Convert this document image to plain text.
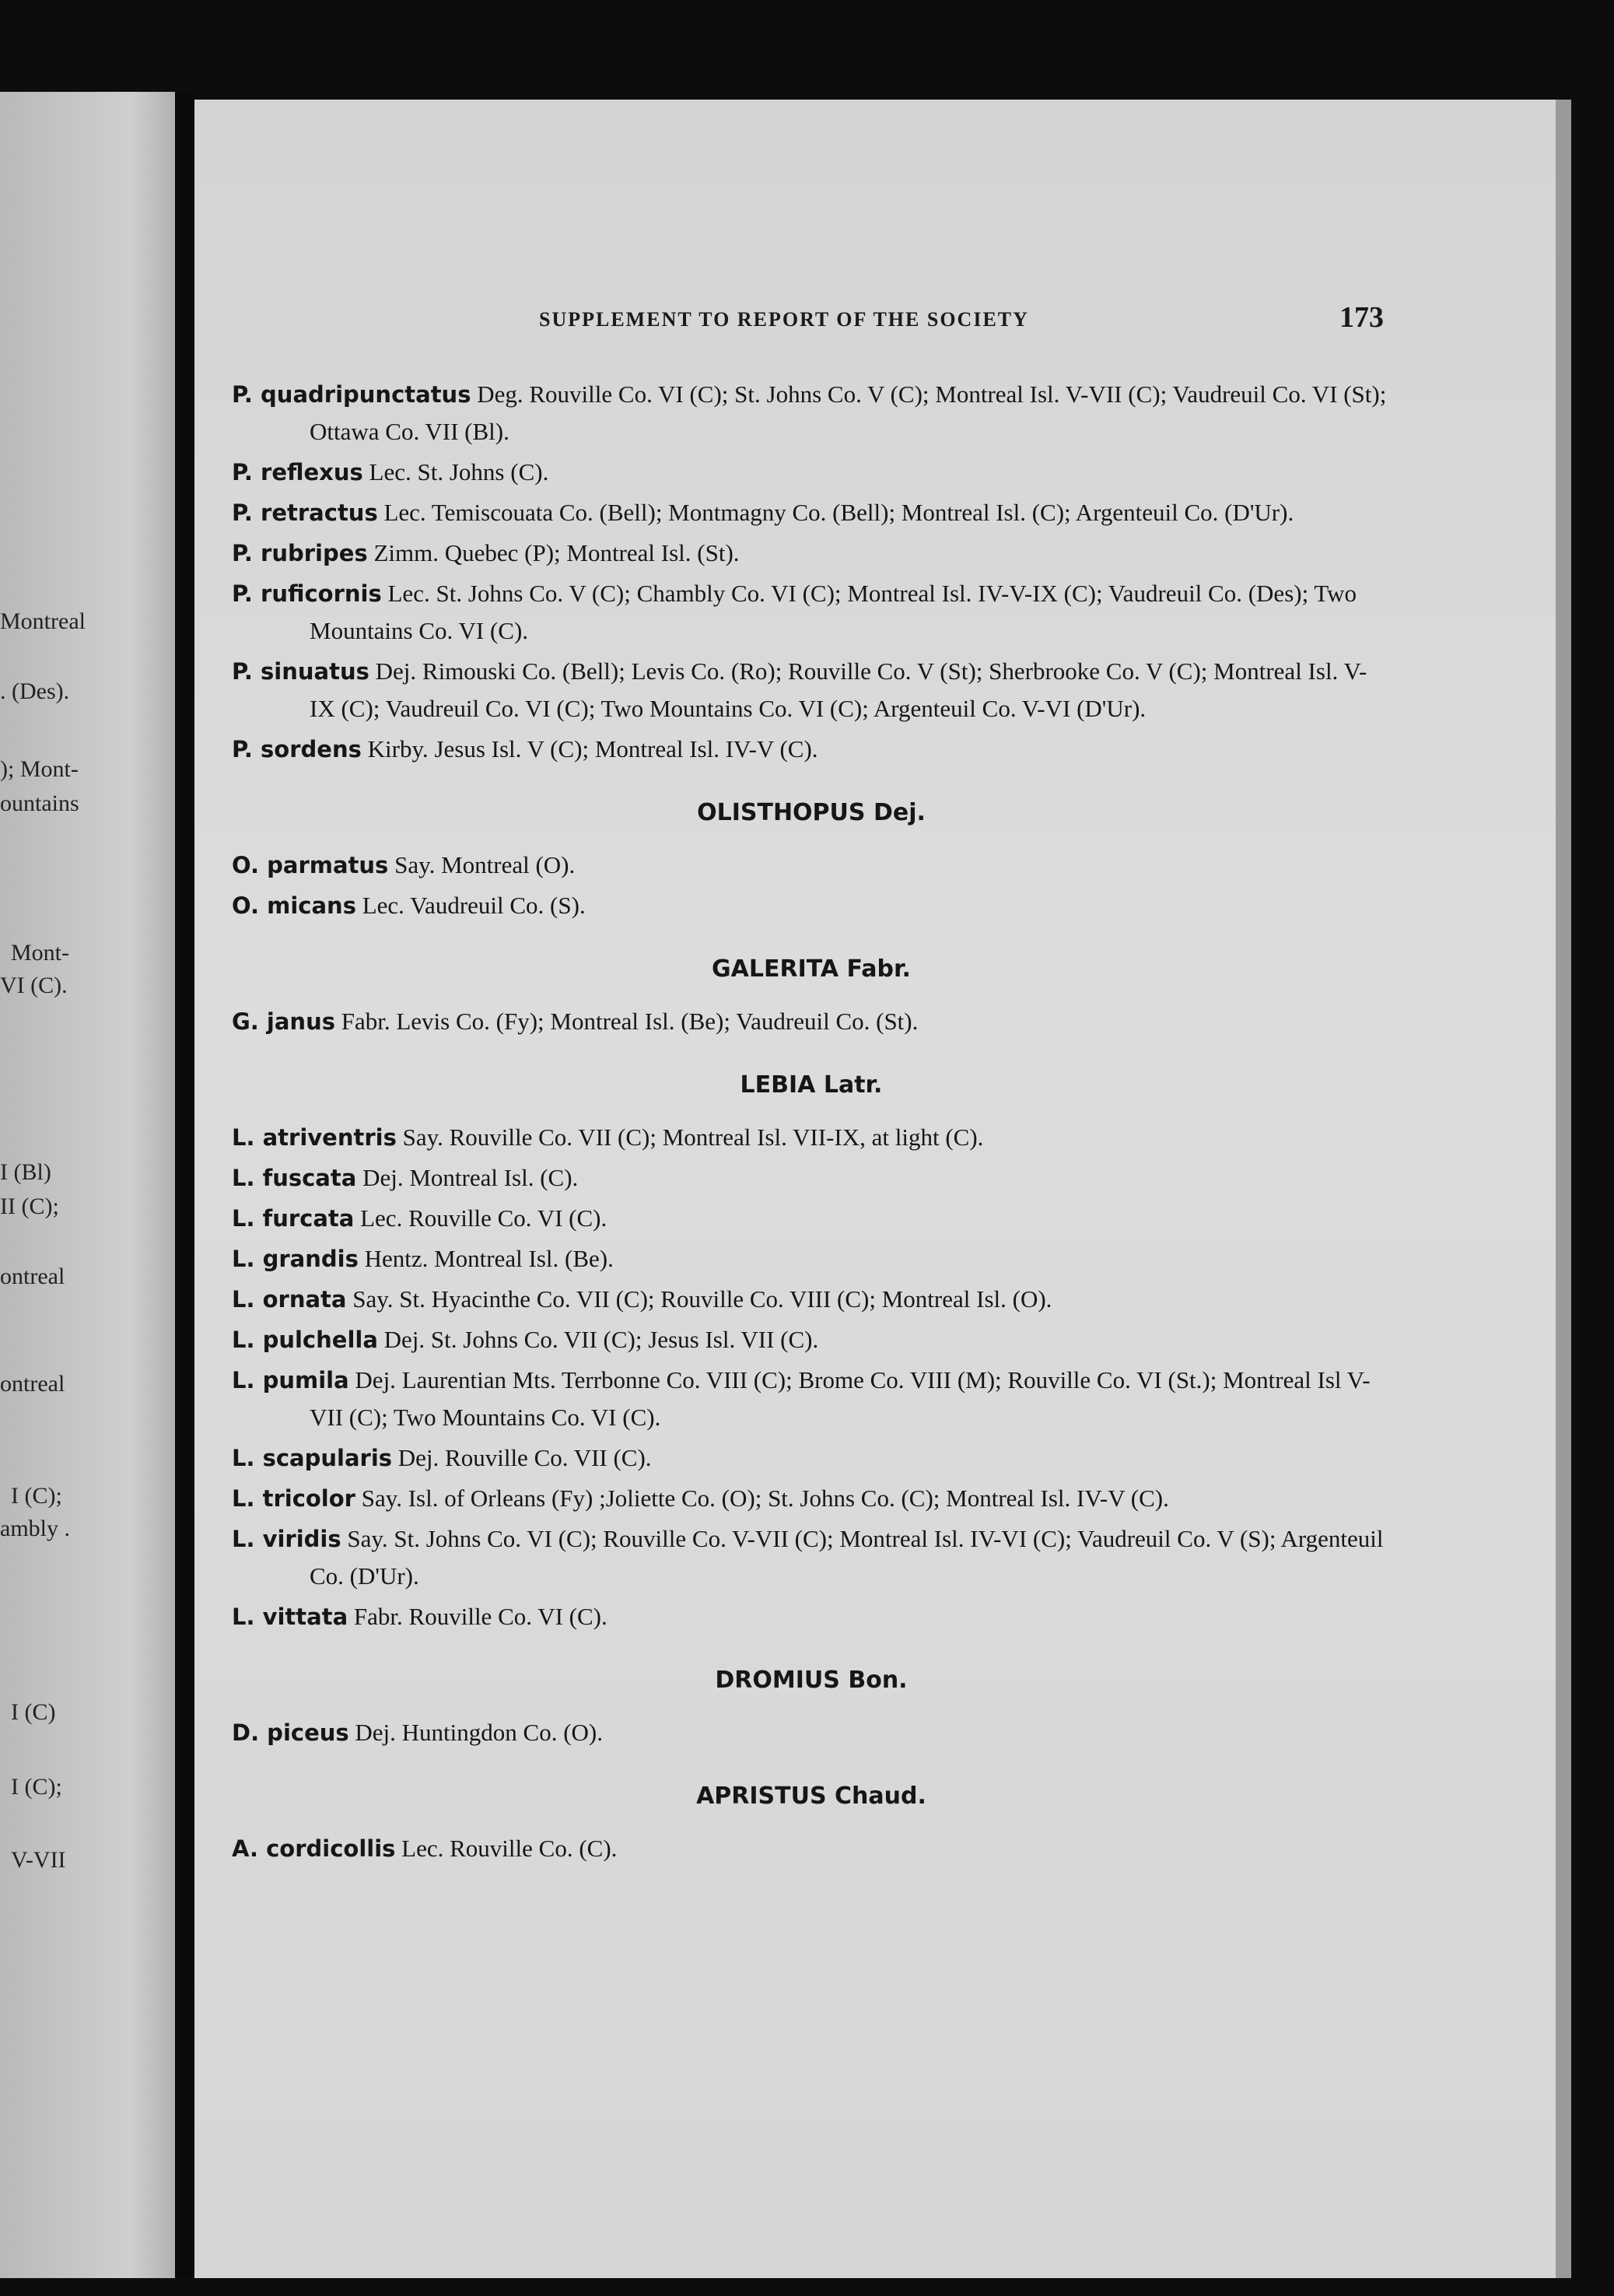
Montreal
. (Des).
); Mont-
ountains
Mont-
VI (C).
I (Bl)
II (C);
ontreal
ontreal
I (C);
ambly .
I (C)
I (C);
V-VII
SUPPLEMENT TO REPORT OF THE SOCIETY	173
P. quadripunctatus Deg. Rouville Co. VI (C); St. Johns Co. V (C); Montreal Isl. V-VII (C); Vaudreuil Co. VI (St); Ottawa Co. VII (Bl).
P. reflexus Lec. St. Johns (C).
P. retractus Lec. Temiscouata Co. (Bell); Montmagny Co. (Bell); Montreal Isl. (C); Argenteuil Co. (D'Ur).
P. rubripes Zimm. Quebec (P); Montreal Isl. (St).
P. ruficornis Lec. St. Johns Co. V (C); Chambly Co. VI (C); Montreal Isl. IV-V-IX (C); Vaudreuil Co. (Des); Two Mountains Co. VI (C).
P. sinuatus Dej. Rimouski Co. (Bell); Levis Co. (Ro); Rouville Co. V (St); Sherbrooke Co. V (C); Montreal Isl. V-IX (C); Vaudreuil Co. VI (C); Two Mountains Co. VI (C); Argenteuil Co. V-VI (D'Ur).
P. sordens Kirby. Jesus Isl. V (C); Montreal Isl. IV-V (C).
OLISTHOPUS Dej.
O. parmatus Say. Montreal (O).
O. micans Lec. Vaudreuil Co. (S).
GALERITA Fabr.
G. janus Fabr. Levis Co. (Fy); Montreal Isl. (Be); Vaudreuil Co. (St).
LEBIA Latr.
L. atriventris Say. Rouville Co. VII (C); Montreal Isl. VII-IX, at light (C).
L. fuscata Dej. Montreal Isl. (C).
L. furcata Lec. Rouville Co. VI (C).
L. grandis Hentz. Montreal Isl. (Be).
L. ornata Say. St. Hyacinthe Co. VII (C); Rouville Co. VIII (C); Montreal Isl. (O).
L. pulchella Dej. St. Johns Co. VII (C); Jesus Isl. VII (C).
L. pumila Dej. Laurentian Mts. Terrbonne Co. VIII (C); Brome Co. VIII (M); Rouville Co. VI (St.); Montreal Isl V-VII (C); Two Mountains Co. VI (C).
L. scapularis Dej. Rouville Co. VII (C).
L. tricolor Say. Isl. of Orleans (Fy) ;Joliette Co. (O); St. Johns Co. (C); Montreal Isl. IV-V (C).
L. viridis Say. St. Johns Co. VI (C); Rouville Co. V-VII (C); Montreal Isl. IV-VI (C); Vaudreuil Co. V (S); Argenteuil Co. (D'Ur).
L. vittata Fabr. Rouville Co. VI (C).
DROMIUS Bon.
D. piceus Dej. Huntingdon Co. (O).
APRISTUS Chaud.
A. cordicollis Lec. Rouville Co. (C).
